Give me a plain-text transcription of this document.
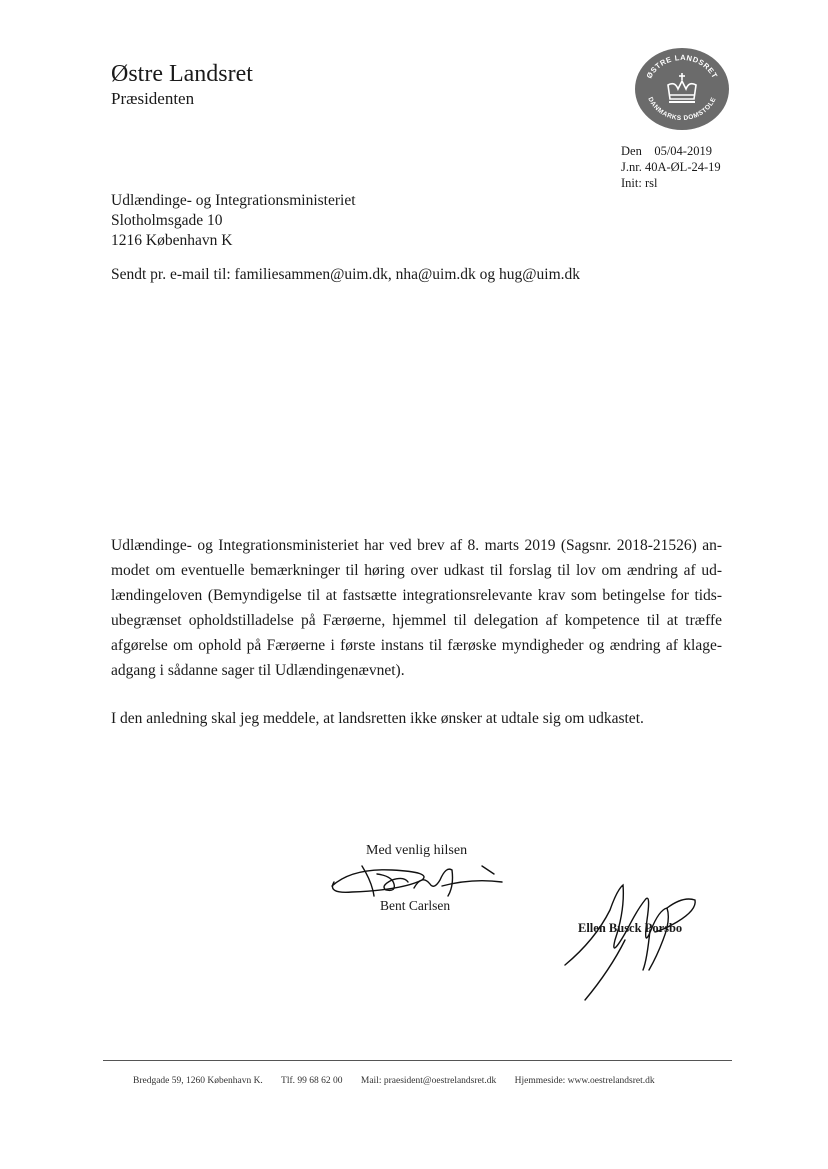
Østre Landsret
Præsidenten
ØSTRE LANDSRET
DANMARKS DOMSTOLE
Den    05/04-2019
J.nr. 40A-ØL-24-19
Init: rsl
Udlændinge- og Integrationsministeriet
Slotholmsgade 10
1216 København K
Sendt pr. e-mail til: familiesammen@uim.dk, nha@uim.dk og hug@uim.dk

Udlændinge- og Integrationsministeriet har ved brev af 8. marts 2019 (Sagsnr. 2018-21526) an-
modet om eventuelle bemærkninger til høring over udkast til forslag til lov om ændring af ud-
lændingeloven (Bemyndigelse til at fastsætte integrationsrelevante krav som betingelse for tids-
ubegrænset opholdstilladelse på Færøerne, hjemmel til delegation af kompetence til at træffe
afgørelse om ophold på Færøerne i første instans til færøske myndigheder og ændring af klage-
adgang i sådanne sager til Udlændingenævnet).

I den anledning skal jeg meddele, at landsretten ikke ønsker at udtale sig om udkastet.

Med venlig hilsen
Bent Carlsen
Ellen Busck Porsbo
Bredgade 59, 1260 København K. Tlf. 99 68 62 00 Mail: praesident@oestrelandsret.dk Hjemmeside: www.oestrelandsret.dk
